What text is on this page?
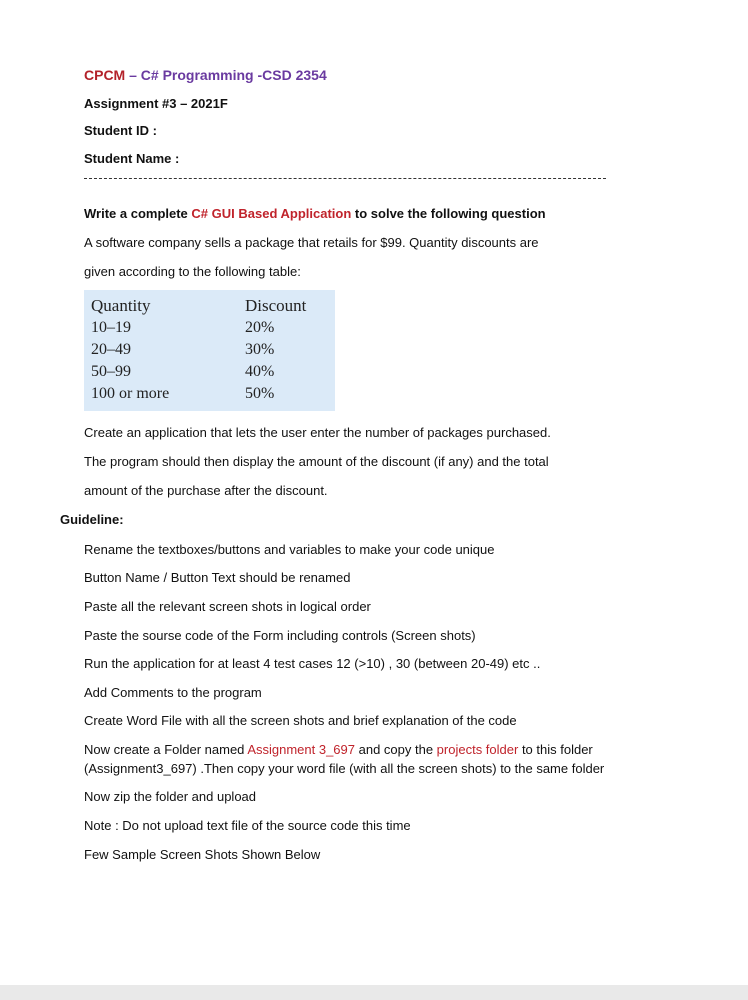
CPCM – C# Programming -CSD 2354
Assignment #3 – 2021F
Student ID :
Student Name :
Write a complete C# GUI Based Application to solve the following question
A software company sells a package that retails for $99. Quantity discounts are
given according to the following table:
Quantity	Discount
10–19	20%
20–49	30%
50–99	40%
100 or more	50%
Create an application that lets the user enter the number of packages purchased.
The program should then display the amount of the discount (if any) and the total
amount of the purchase after the discount.
Guideline:
Rename the textboxes/buttons and variables to make your code unique
Button Name / Button Text should be renamed
Paste all the relevant screen shots in logical order
Paste the sourse code of the Form including controls (Screen shots)
Run the application for at least 4 test cases 12 (>10) , 30 (between 20-49) etc ..
Add Comments to the program
Create Word File with all the screen shots and brief explanation of the code
Now create a Folder named Assignment 3_697 and copy the projects folder to this folder
(Assignment3_697) .Then copy your word file (with all the screen shots) to the same folder
Now zip the folder and upload
Note : Do not upload text file of the source code this time
Few Sample Screen Shots Shown Below
